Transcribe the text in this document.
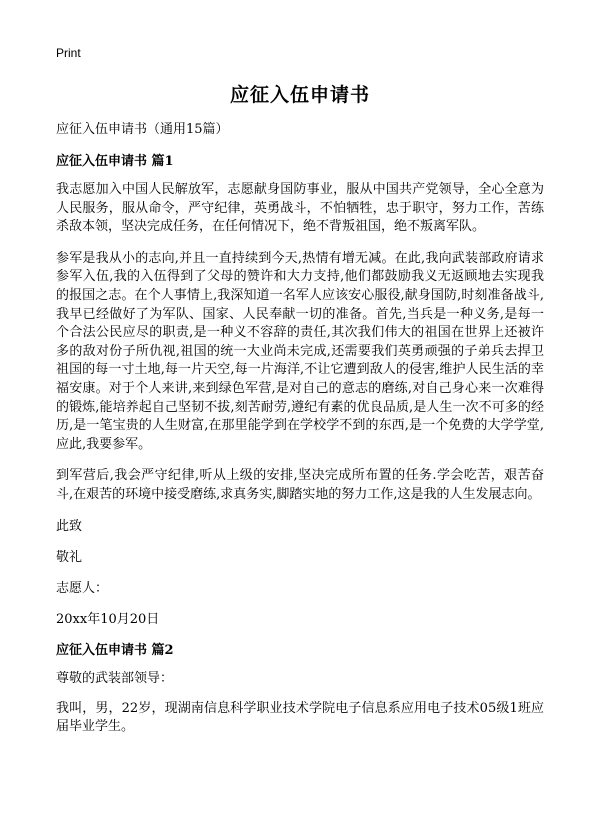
Print
应征入伍申请书
应征入伍申请书（通用15篇）
应征入伍申请书 篇1

我志愿加入中国人民解放军，志愿献身国防事业，服从中国共产党领导，全心全意为人民服务，服从命令，严守纪律，英勇战斗，不怕牺牲，忠于职守，努力工作，苦练杀敌本领，坚决完成任务，在任何情况下，绝不背叛祖国，绝不叛离军队。

参军是我从小的志向,并且一直持续到今天,热情有增无减。在此,我向武装部政府请求参军入伍,我的入伍得到了父母的赞许和大力支持,他们都鼓励我义无返顾地去实现我的报国之志。在个人事情上,我深知道一名军人应该安心服役,献身国防,时刻准备战斗,我早已经做好了为军队、国家、人民奉献一切的准备。首先,当兵是一种义务,是每一个合法公民应尽的职责,是一种义不容辞的责任,其次我们伟大的祖国在世界上还被许多的敌对份子所仇视,祖国的统一大业尚未完成,还需要我们英勇顽强的子弟兵去捍卫祖国的每一寸土地,每一片天空,每一片海洋,不让它遭到敌人的侵害,维护人民生活的幸福安康。对于个人来讲,来到绿色军营,是对自己的意志的磨练,对自己身心来一次难得的锻炼,能培养起自己坚韧不拔,刻苦耐劳,遵纪有素的优良品质,是人生一次不可多的经历,是一笔宝贵的人生财富,在那里能学到在学校学不到的东西,是一个免费的大学学堂,应此,我要参军。

到军营后,我会严守纪律,听从上级的安排,坚决完成所布置的任务.学会吃苦，艰苦奋斗,在艰苦的环境中接受磨练,求真务实,脚踏实地的努力工作,这是我的人生发展志向。

此致
敬礼
志愿人：
20xx年10月20日
应征入伍申请书 篇2
尊敬的武装部领导：

我叫，男，22岁，现湖南信息科学职业技术学院电子信息系应用电子技术05级1班应届毕业学生。
